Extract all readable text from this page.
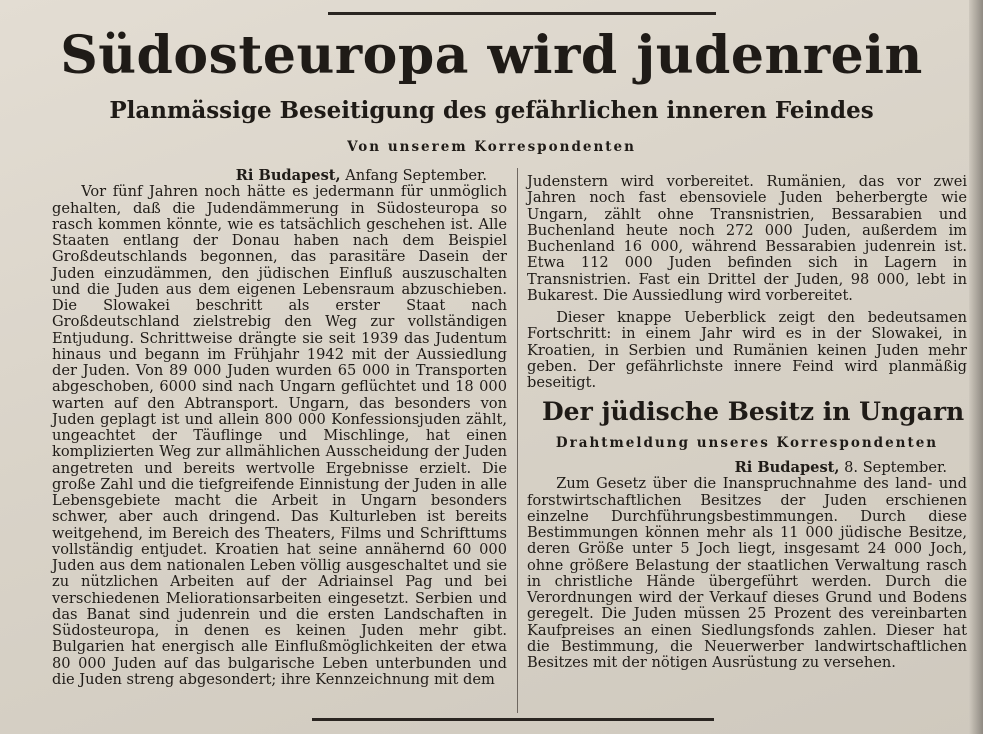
Südosteuropa wird judenrein
Planmässige Beseitigung des gefährlichen inneren Feindes
Von unserem Korrespondenten

Ri Budapest, Anfang September.

Vor fünf Jahren noch hätte es jedermann für unmöglich gehalten, daß die Judendämmerung in Südosteuropa so rasch kommen könnte, wie es tatsächlich geschehen ist. Alle Staaten entlang der Donau haben nach dem Beispiel Großdeutschlands begonnen, das parasitäre Dasein der Juden einzudämmen, den jüdischen Einfluß auszuschalten und die Juden aus dem eigenen Lebensraum abzuschieben. Die Slowakei beschritt als erster Staat nach Großdeutschland zielstrebig den Weg zur vollständigen Entjudung. Schrittweise drängte sie seit 1939 das Judentum hinaus und begann im Frühjahr 1942 mit der Aussiedlung der Juden. Von 89 000 Juden wurden 65 000 in Transporten abgeschoben, 6000 sind nach Ungarn geflüchtet und 18 000 warten auf den Abtransport. Ungarn, das besonders von Juden geplagt ist und allein 800 000 Konfessionsjuden zählt, ungeachtet der Täuflinge und Mischlinge, hat einen komplizierten Weg zur allmählichen Ausscheidung der Juden angetreten und bereits wertvolle Ergebnisse erzielt. Die große Zahl und die tiefgreifende Einnistung der Juden in alle Lebensgebiete macht die Arbeit in Ungarn besonders schwer, aber auch dringend. Das Kulturleben ist bereits weitgehend, im Bereich des Theaters, Films und Schrifttums vollständig entjudet. Kroatien hat seine annähernd 60 000 Juden aus dem nationalen Leben völlig ausgeschaltet und sie zu nützlichen Arbeiten auf der Adriainsel Pag und bei verschiedenen Meliorationsarbeiten eingesetzt. Serbien und das Banat sind judenrein und die ersten Landschaften in Südosteuropa, in denen es keinen Juden mehr gibt. Bulgarien hat energisch alle Einflußmöglichkeiten der etwa 80 000 Juden auf das bulgarische Leben unterbunden und die Juden streng abgesondert; ihre Kennzeichnung mit dem

Judenstern wird vorbereitet. Rumänien, das vor zwei Jahren noch fast ebensoviele Juden beherbergte wie Ungarn, zählt ohne Transnistrien, Bessarabien und Buchenland heute noch 272 000 Juden, außerdem im Buchenland 16 000, während Bessarabien judenrein ist. Etwa 112 000 Juden befinden sich in Lagern in Transnistrien. Fast ein Drittel der Juden, 98 000, lebt in Bukarest. Die Aussiedlung wird vorbereitet.

Dieser knappe Ueberblick zeigt den bedeutsamen Fortschritt: in einem Jahr wird es in der Slowakei, in Kroatien, in Serbien und Rumänien keinen Juden mehr geben. Der gefährlichste innere Feind wird planmäßig beseitigt.

Der jüdische Besitz in Ungarn
Drahtmeldung unseres Korrespondenten

Ri Budapest, 8. September.

Zum Gesetz über die Inanspruchnahme des land- und forstwirtschaftlichen Besitzes der Juden erschienen einzelne Durchführungsbestimmungen. Durch diese Bestimmungen können mehr als 11 000 jüdische Besitze, deren Größe unter 5 Joch liegt, insgesamt 24 000 Joch, ohne größere Belastung der staatlichen Verwaltung rasch in christliche Hände übergeführt werden. Durch die Verordnungen wird der Verkauf dieses Grund und Bodens geregelt. Die Juden müssen 25 Prozent des vereinbarten Kaufpreises an einen Siedlungsfonds zahlen. Dieser hat die Bestimmung, die Neuerwerber landwirtschaftlichen Besitzes mit der nötigen Ausrüstung zu versehen.
